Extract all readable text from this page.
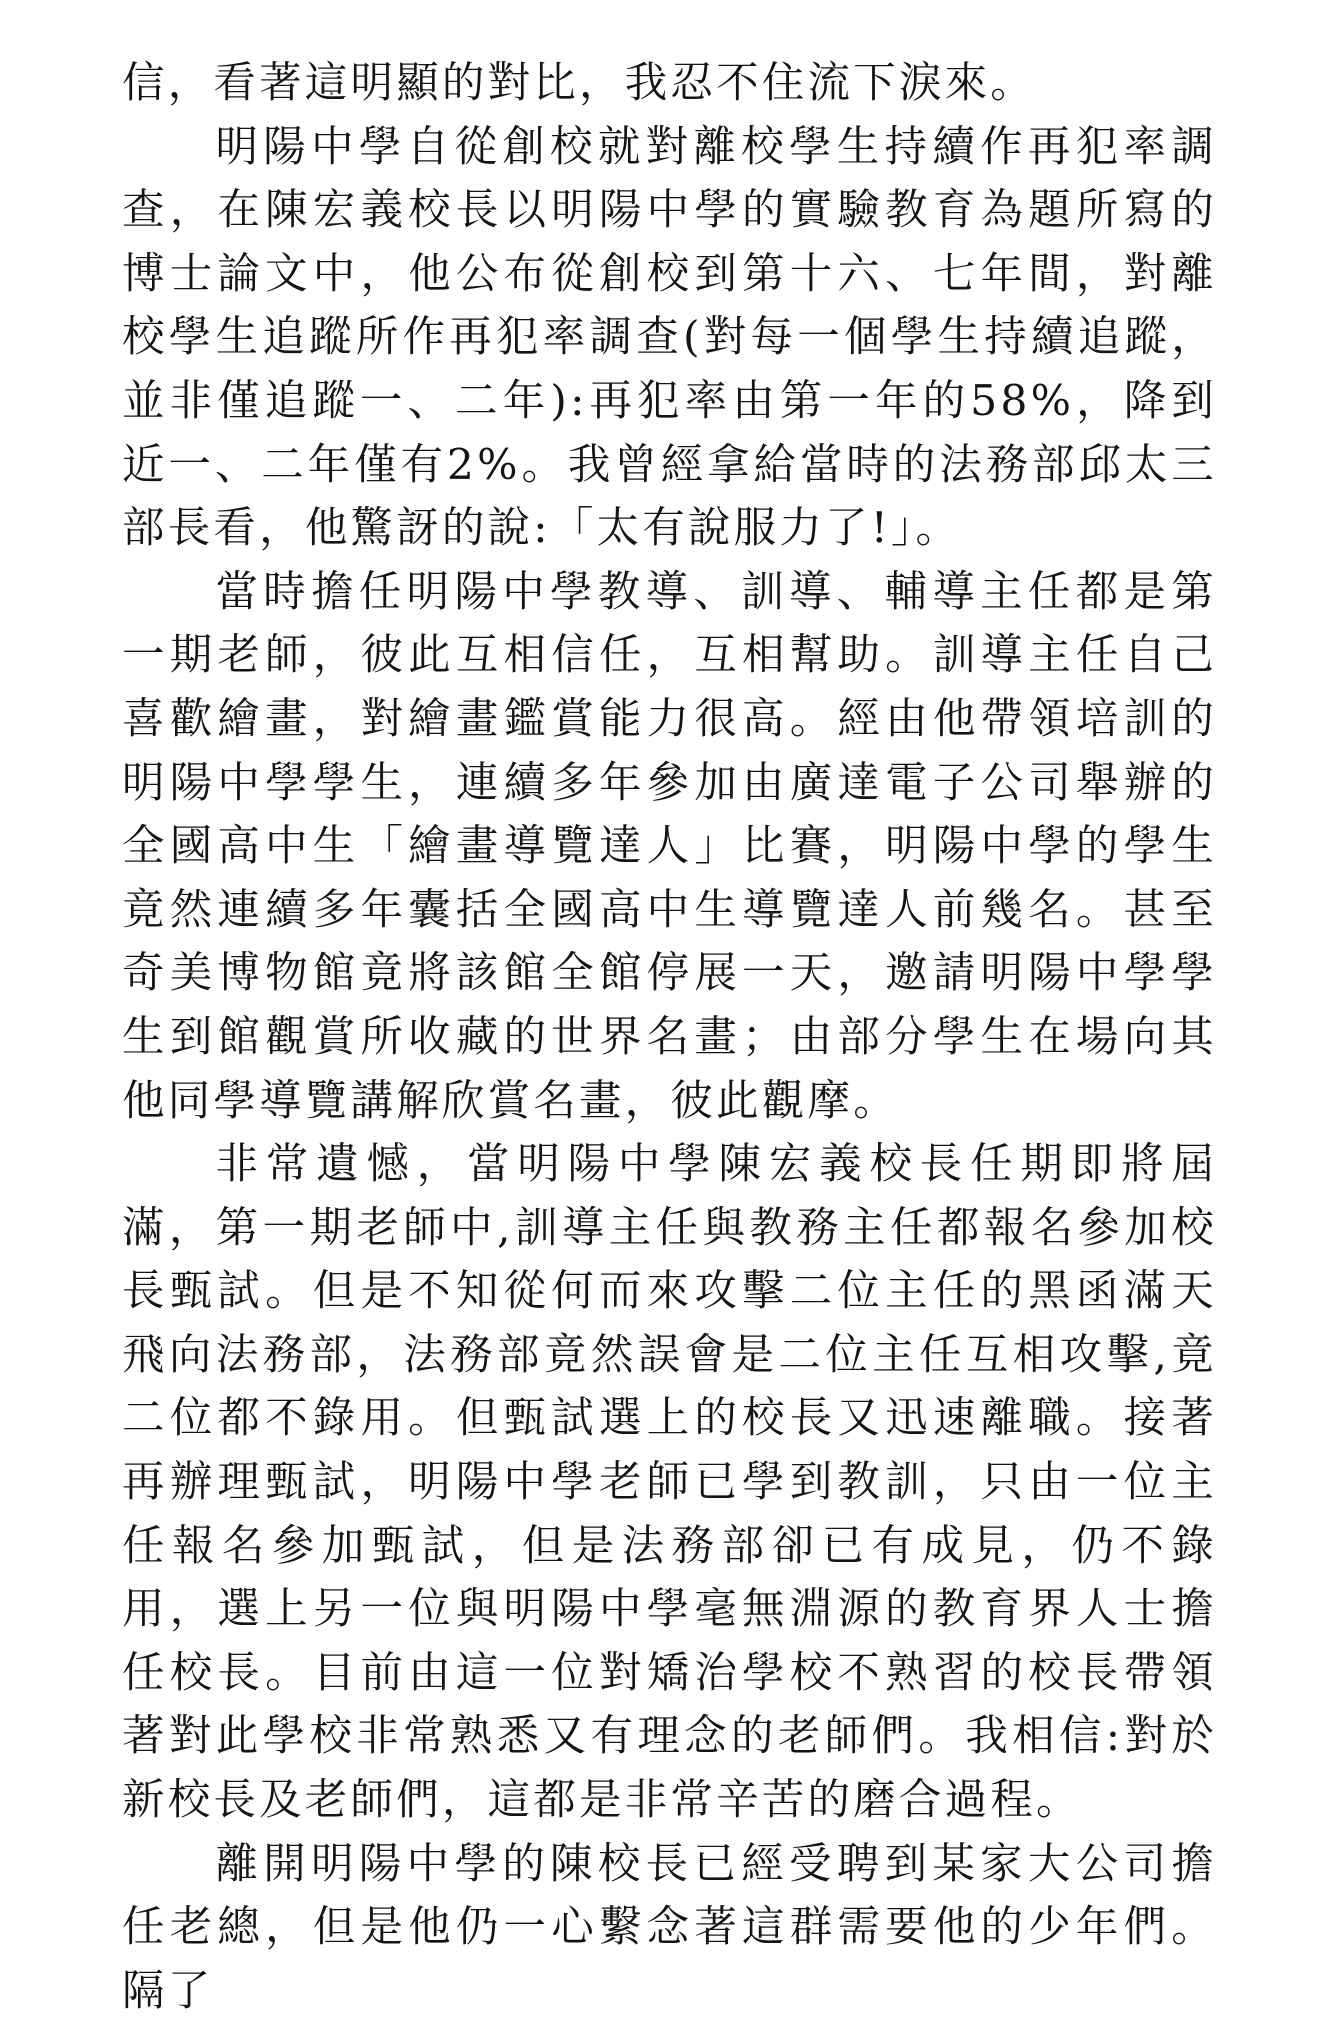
信，看著這明顯的對比，我忍不住流下淚來。

明陽中學自從創校就對離校學生持續作再犯率調查，在陳宏義校長以明陽中學的實驗教育為題所寫的博士論文中，他公布從創校到第十六、七年間，對離校學生追蹤所作再犯率調查(對每一個學生持續追蹤，並非僅追蹤一、二年):再犯率由第一年的58%，降到近一、二年僅有2%。我曾經拿給當時的法務部邱太三部長看，他驚訝的說:「太有說服力了!」。

當時擔任明陽中學教導、訓導、輔導主任都是第一期老師，彼此互相信任，互相幫助。訓導主任自己喜歡繪畫，對繪畫鑑賞能力很高。經由他帶領培訓的明陽中學學生，連續多年參加由廣達電子公司舉辦的全國高中生「繪畫導覽達人」比賽，明陽中學的學生竟然連續多年囊括全國高中生導覽達人前幾名。甚至奇美博物館竟將該館全館停展一天，邀請明陽中學學生到館觀賞所收藏的世界名畫；由部分學生在場向其他同學導覽講解欣賞名畫，彼此觀摩。

非常遺憾，當明陽中學陳宏義校長任期即將屆滿，第一期老師中,訓導主任與教務主任都報名參加校長甄試。但是不知從何而來攻擊二位主任的黑函滿天飛向法務部，法務部竟然誤會是二位主任互相攻擊,竟二位都不錄用。但甄試選上的校長又迅速離職。接著再辦理甄試，明陽中學老師已學到教訓，只由一位主任報名參加甄試，但是法務部卻已有成見，仍不錄用，選上另一位與明陽中學毫無淵源的教育界人士擔任校長。目前由這一位對矯治學校不熟習的校長帶領著對此學校非常熟悉又有理念的老師們。我相信:對於新校長及老師們，這都是非常辛苦的磨合過程。

離開明陽中學的陳校長已經受聘到某家大公司擔任老總，但是他仍一心繫念著這群需要他的少年們。隔了
